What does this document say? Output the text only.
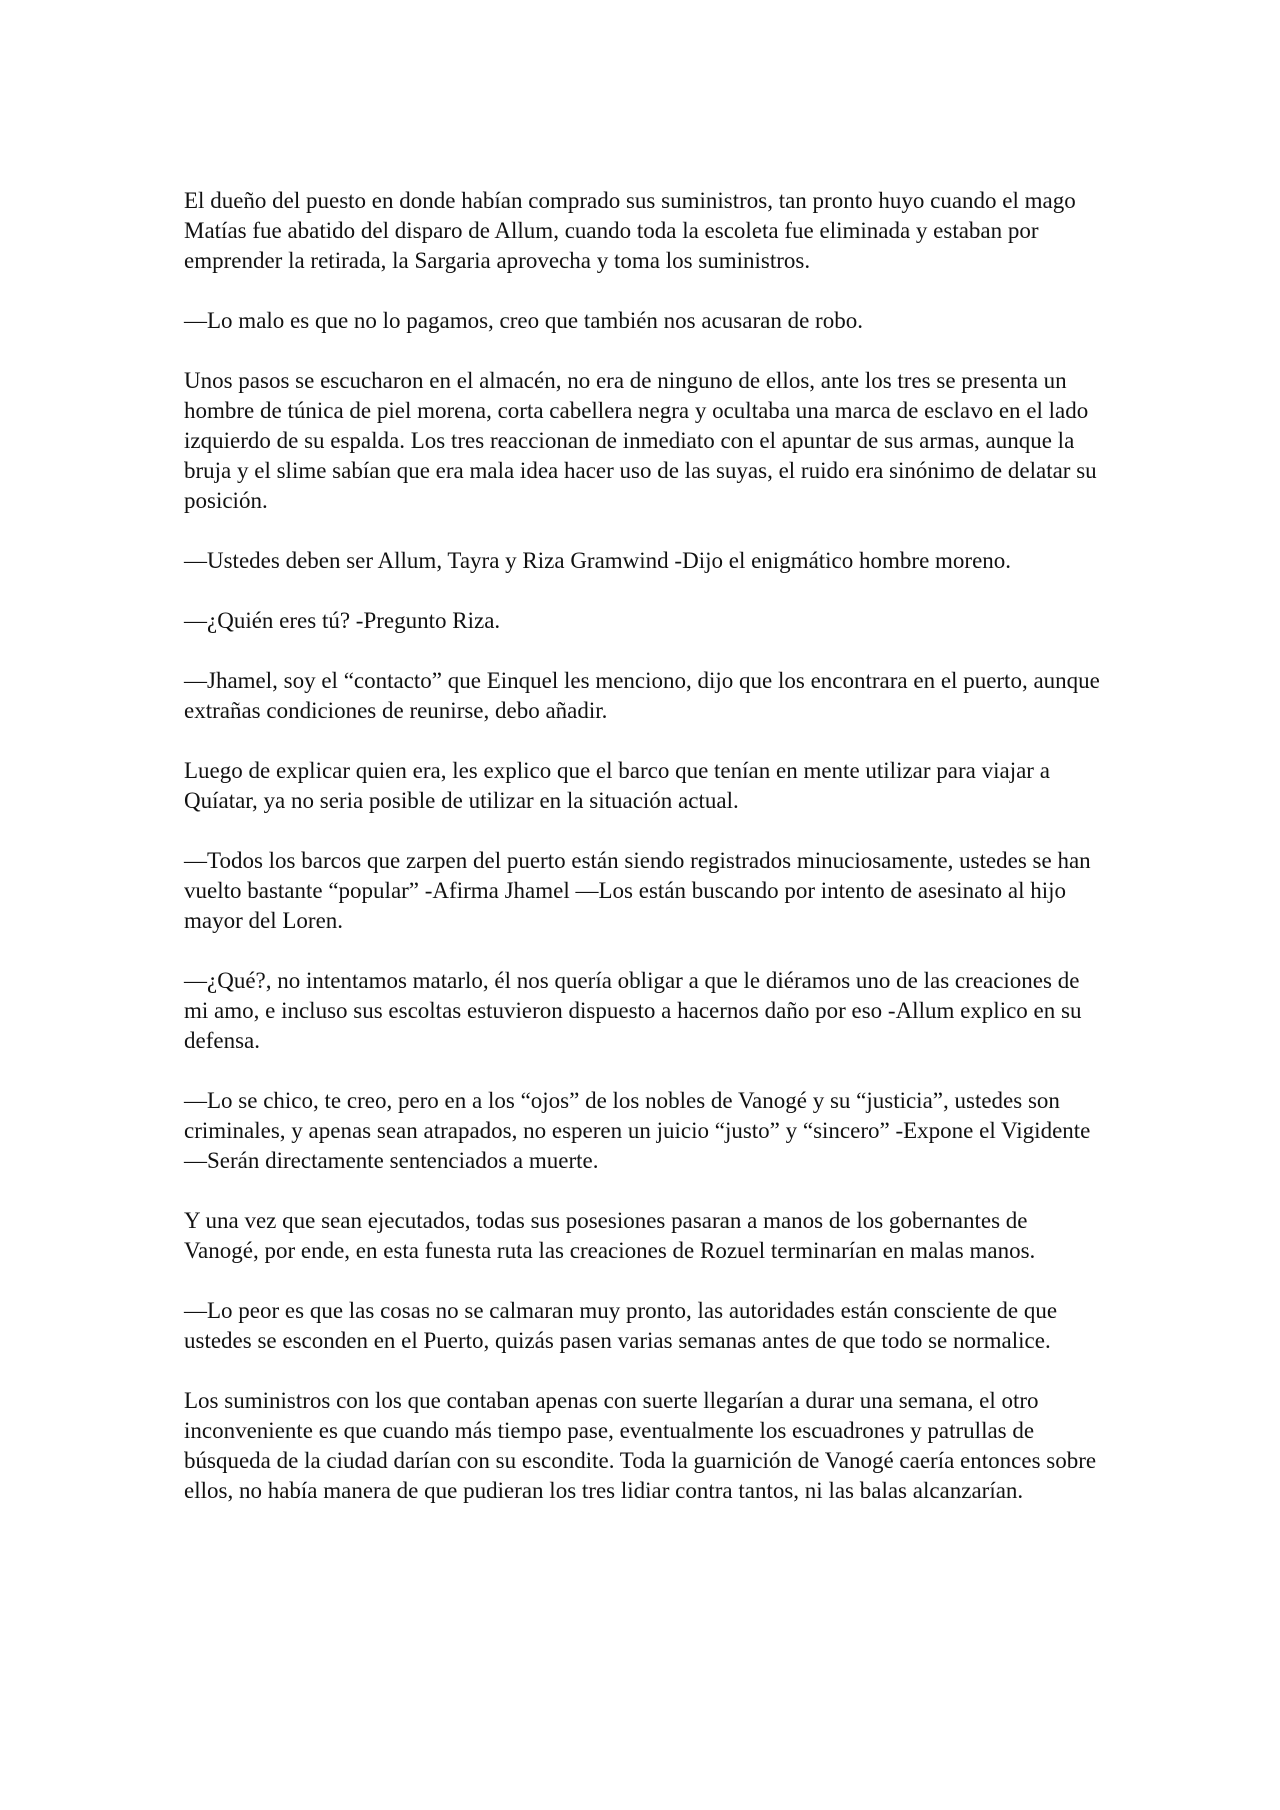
El dueño del puesto en donde habían comprado sus suministros, tan pronto huyo cuando el mago Matías fue abatido del disparo de Allum, cuando toda la escoleta fue eliminada y estaban por emprender la retirada, la Sargaria aprovecha y toma los suministros.

—Lo malo es que no lo pagamos, creo que también nos acusaran de robo.

Unos pasos se escucharon en el almacén, no era de ninguno de ellos, ante los tres se presenta un hombre de túnica de piel morena, corta cabellera negra y ocultaba una marca de esclavo en el lado izquierdo de su espalda. Los tres reaccionan de inmediato con el apuntar de sus armas, aunque la bruja y el slime sabían que era mala idea hacer uso de las suyas, el ruido era sinónimo de delatar su posición.

—Ustedes deben ser Allum, Tayra y Riza Gramwind -Dijo el enigmático hombre moreno.

—¿Quién eres tú? -Pregunto Riza.

—Jhamel, soy el “contacto” que Einquel les menciono, dijo que los encontrara en el puerto, aunque extrañas condiciones de reunirse, debo añadir.

Luego de explicar quien era, les explico que el barco que tenían en mente utilizar para viajar a Quíatar, ya no seria posible de utilizar en la situación actual.

—Todos los barcos que zarpen del puerto están siendo registrados minuciosamente, ustedes se han vuelto bastante “popular” -Afirma Jhamel —Los están buscando por intento de asesinato al hijo mayor del Loren.

—¿Qué?, no intentamos matarlo, él nos quería obligar a que le diéramos uno de las creaciones de mi amo, e incluso sus escoltas estuvieron dispuesto a hacernos daño por eso -Allum explico en su defensa.

—Lo se chico, te creo, pero en a los “ojos” de los nobles de Vanogé y su “justicia”, ustedes son criminales, y apenas sean atrapados, no esperen un juicio “justo” y “sincero” -Expone el Vigidente —Serán directamente sentenciados a muerte.

Y una vez que sean ejecutados, todas sus posesiones pasaran a manos de los gobernantes de Vanogé, por ende, en esta funesta ruta las creaciones de Rozuel terminarían en malas manos.

—Lo peor es que las cosas no se calmaran muy pronto, las autoridades están consciente de que ustedes se esconden en el Puerto, quizás pasen varias semanas antes de que todo se normalice.

Los suministros con los que contaban apenas con suerte llegarían a durar una semana, el otro inconveniente es que cuando más tiempo pase, eventualmente los escuadrones y patrullas de búsqueda de la ciudad darían con su escondite. Toda la guarnición de Vanogé caería entonces sobre ellos, no había manera de que pudieran los tres lidiar contra tantos, ni las balas alcanzarían.
